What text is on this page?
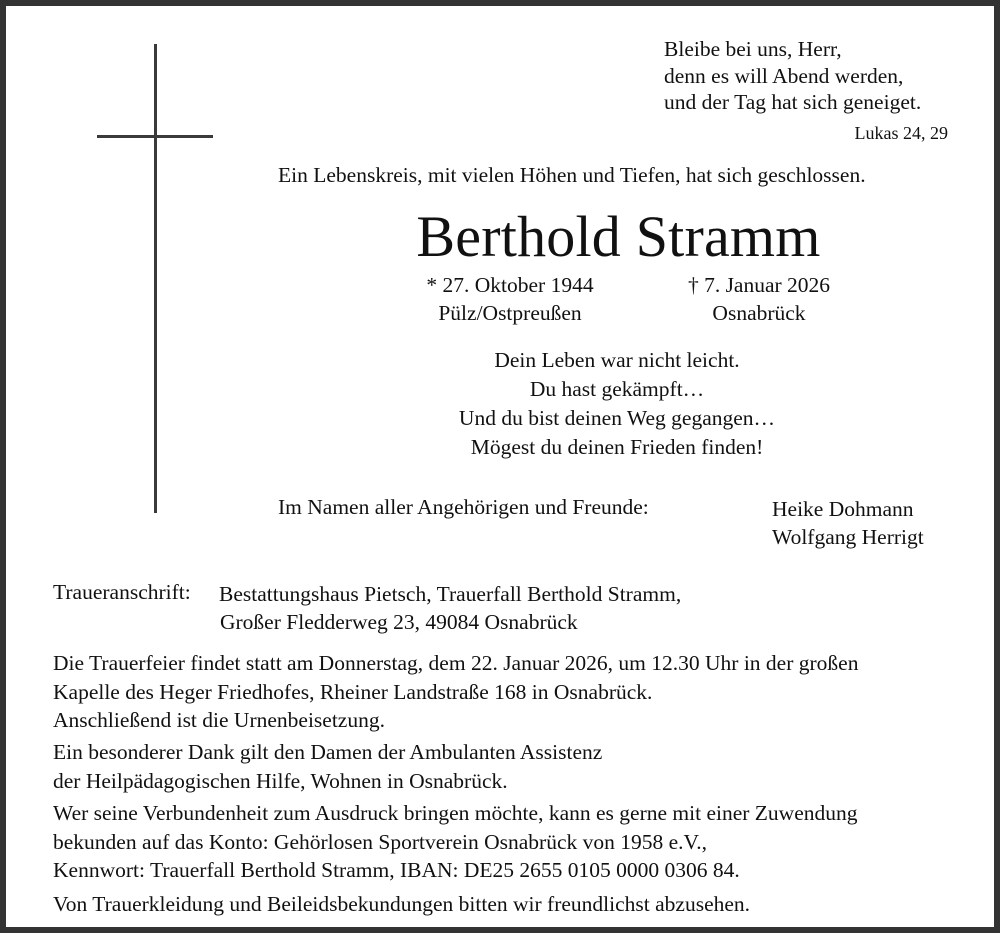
Bleibe bei uns, Herr,
denn es will Abend werden,
und der Tag hat sich geneiget.
Lukas 24, 29
Ein Lebenskreis, mit vielen Höhen und Tiefen, hat sich geschlossen.
Berthold Stramm
* 27. Oktober 1944
Pülz/Ostpreußen
† 7. Januar 2026
Osnabrück
Dein Leben war nicht leicht.
Du hast gekämpft…
Und du bist deinen Weg gegangen…
Mögest du deinen Frieden finden!
Im Namen aller Angehörigen und Freunde:	Heike Dohmann
Wolfgang Herrigt
Traueranschrift: Bestattungshaus Pietsch, Trauerfall Berthold Stramm,
Großer Fledderweg 23, 49084 Osnabrück
Die Trauerfeier findet statt am Donnerstag, dem 22. Januar 2026, um 12.30 Uhr in der großen
Kapelle des Heger Friedhofes, Rheiner Landstraße 168 in Osnabrück.
Anschließend ist die Urnenbeisetzung.
Ein besonderer Dank gilt den Damen der Ambulanten Assistenz
der Heilpädagogischen Hilfe, Wohnen in Osnabrück.
Wer seine Verbundenheit zum Ausdruck bringen möchte, kann es gerne mit einer Zuwendung
bekunden auf das Konto: Gehörlosen Sportverein Osnabrück von 1958 e.V.,
Kennwort: Trauerfall Berthold Stramm, IBAN: DE25 2655 0105 0000 0306 84.
Von Trauerkleidung und Beileidsbekundungen bitten wir freundlichst abzusehen.
